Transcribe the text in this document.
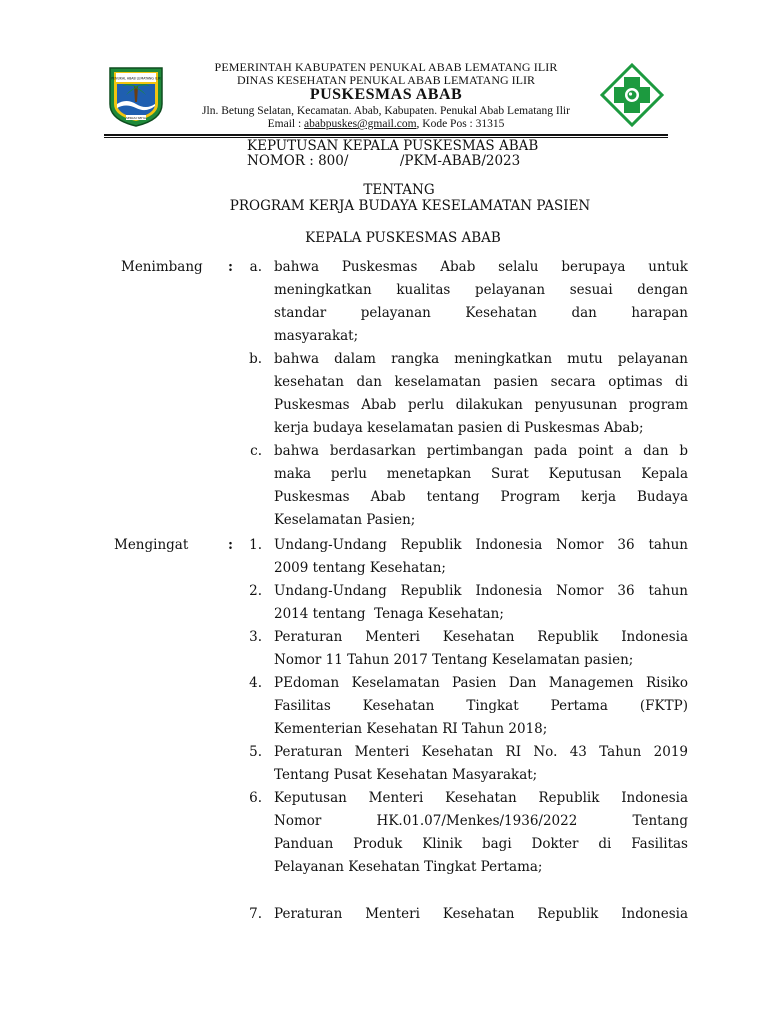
PENUKAL ABAB LEMATANG ILIR
SERASI SEIYA
PEMERINTAH KABUPATEN PENUKAL ABAB LEMATANG ILIR
DINAS KESEHATAN PENUKAL ABAB LEMATANG ILIR
PUSKESMAS ABAB
Jln. Betung Selatan, Kecamatan. Abab, Kabupaten. Penukal Abab Lematang Ilir
Email : ababpuskes@gmail.com, Kode Pos : 31315
KEPUTUSAN KEPALA PUSKESMAS ABAB
NOMOR : 800/            /PKM-ABAB/2023
TENTANG
PROGRAM KERJA BUDAYA KESELAMATAN PASIEN
KEPALA PUSKESMAS ABAB
Menimbang :	a. bahwa Puskesmas Abab selalu berupaya untuk
meningkatkan kualitas pelayanan sesuai dengan
standar pelayanan Kesehatan dan harapan
masyarakat;
b. bahwa dalam rangka meningkatkan mutu pelayanan
kesehatan dan keselamatan pasien secara optimas di
Puskesmas Abab perlu dilakukan penyusunan program
kerja budaya keselamatan pasien di Puskesmas Abab;
c. bahwa berdasarkan pertimbangan pada point a dan b
maka perlu menetapkan Surat Keputusan Kepala
Puskesmas Abab tentang Program kerja Budaya
Keselamatan Pasien;
Mengingat	:	1. Undang-Undang Republik Indonesia Nomor 36 tahun
2009 tentang Kesehatan;
2. Undang-Undang Republik Indonesia Nomor 36 tahun
2014 tentang  Tenaga Kesehatan;
3. Peraturan Menteri Kesehatan Republik Indonesia
Nomor 11 Tahun 2017 Tentang Keselamatan pasien;
4. PEdoman Keselamatan Pasien Dan Managemen Risiko
Fasilitas Kesehatan Tingkat Pertama (FKTP)
Kementerian Kesehatan RI Tahun 2018;
5. Peraturan Menteri Kesehatan RI No. 43 Tahun 2019
Tentang Pusat Kesehatan Masyarakat;
6. Keputusan Menteri Kesehatan Republik Indonesia
Nomor HK.01.07/Menkes/1936/2022 Tentang
Panduan Produk Klinik bagi Dokter di Fasilitas
Pelayanan Kesehatan Tingkat Pertama;
7. Peraturan Menteri Kesehatan Republik Indonesia
